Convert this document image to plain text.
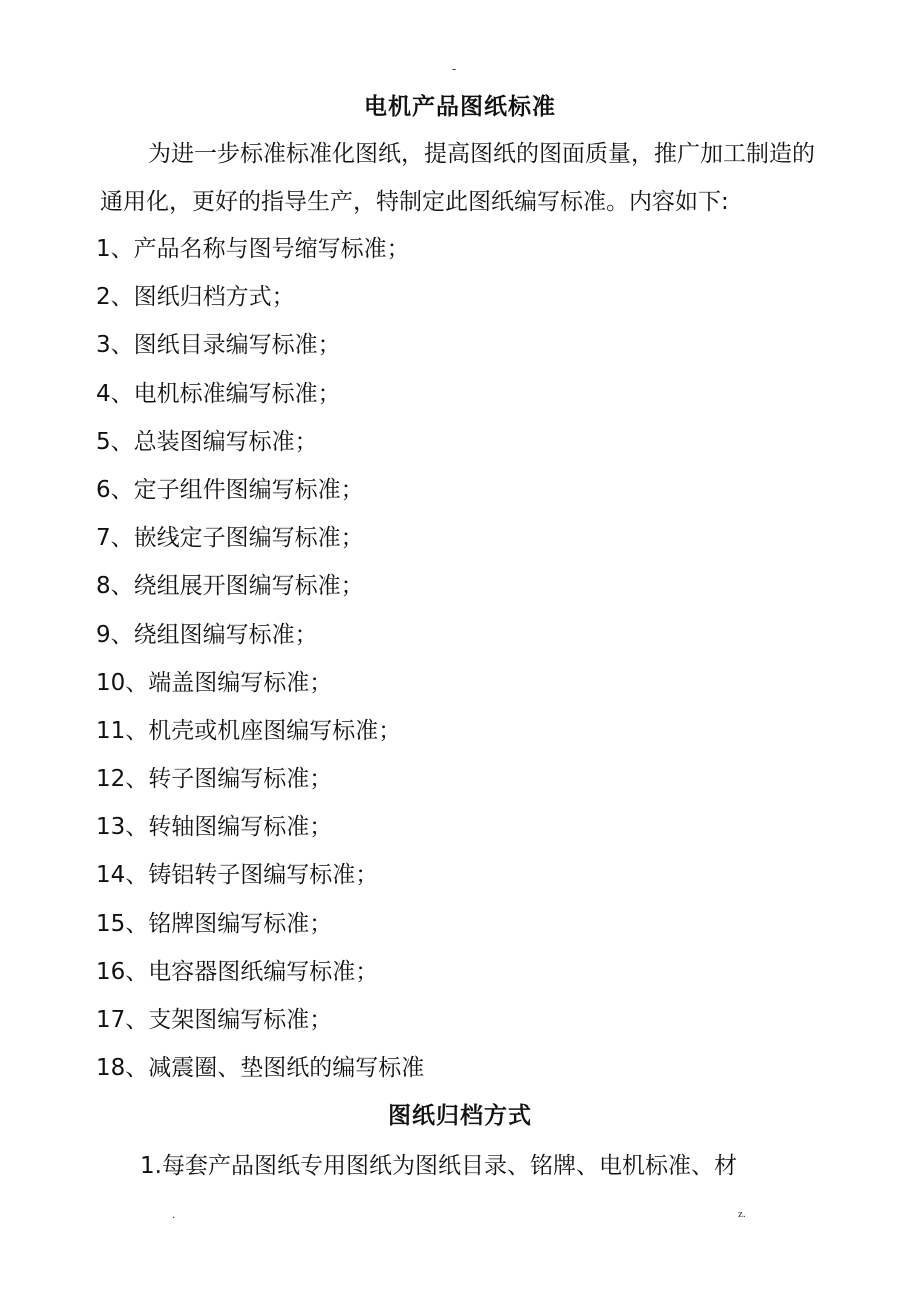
-
电机产品图纸标准
为进一步标准标准化图纸，提高图纸的图面质量，推广加工制造的通用化，更好的指导生产，特制定此图纸编写标准。内容如下:
1、产品名称与图号缩写标准；
2、图纸归档方式；
3、图纸目录编写标准；
4、电机标准编写标准；
5、总装图编写标准；
6、定子组件图编写标准；
7、嵌线定子图编写标准；
8、绕组展开图编写标准；
9、绕组图编写标准；
10、端盖图编写标准；
11、机壳或机座图编写标准；
12、转子图编写标准；
13、转轴图编写标准；
14、铸铝转子图编写标准；
15、铭牌图编写标准；
16、电容器图纸编写标准；
17、支架图编写标准；
18、减震圈、垫图纸的编写标准
图纸归档方式
1.每套产品图纸专用图纸为图纸目录、铭牌、电机标准、材
.	z.
